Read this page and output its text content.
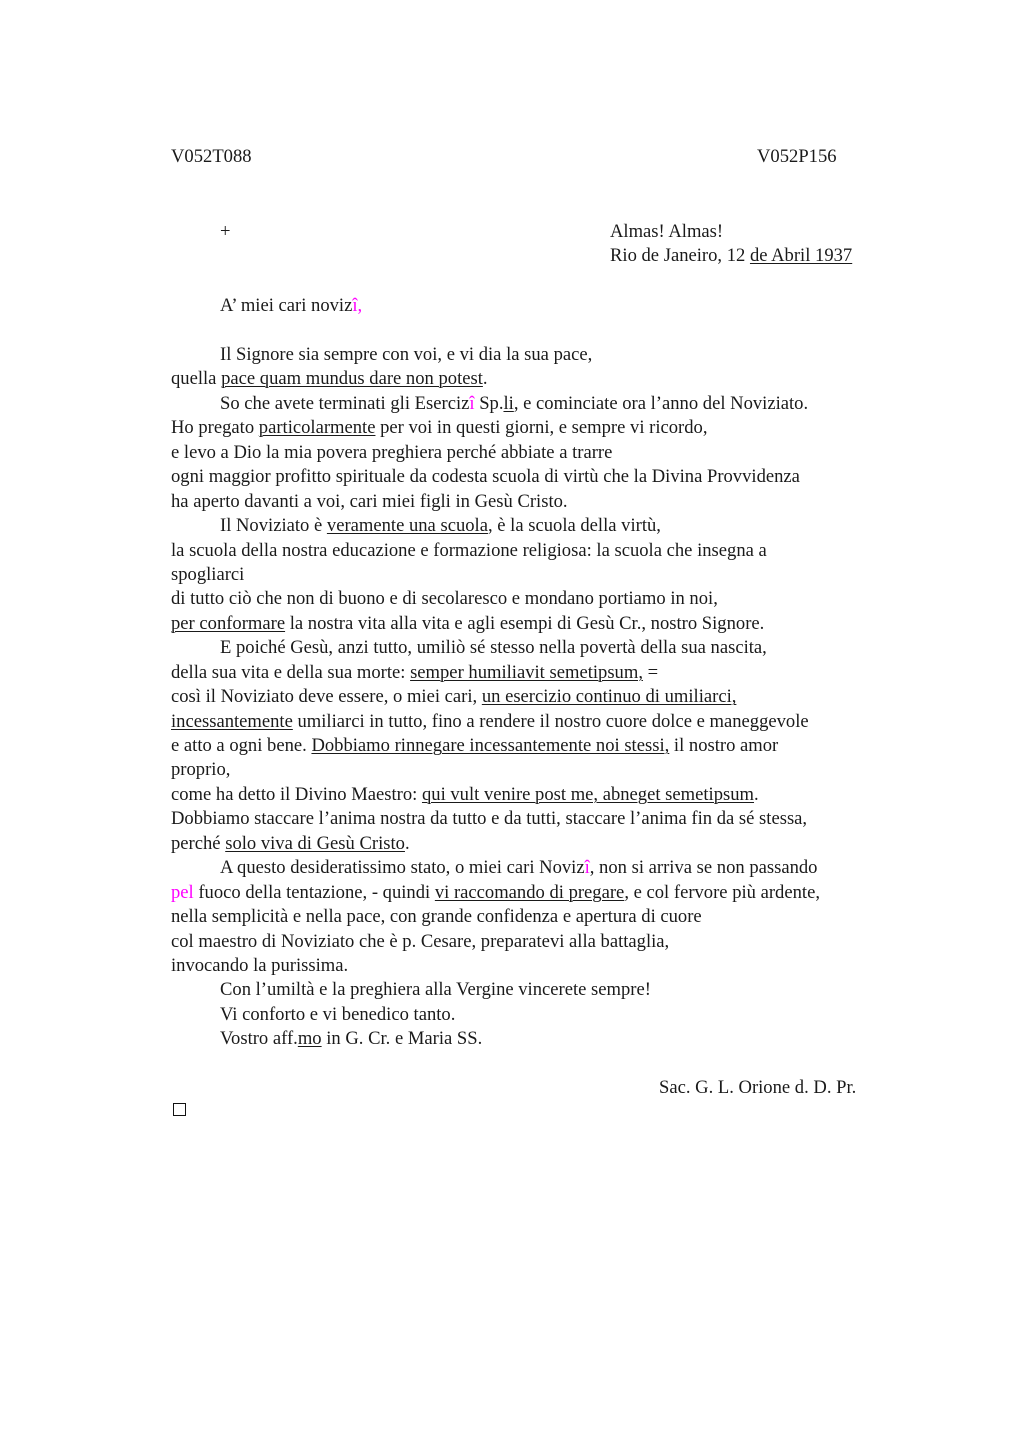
V052T088	V052P156
+	Almas! Almas!
Rio de Janeiro, 12 de Abril 1937
A’ miei cari novizî,
Il Signore sia sempre con voi, e vi dia la sua pace,
quella pace quam mundus dare non potest.
So che avete terminati gli Esercizî Sp.li, e cominciate ora l’anno del Noviziato.
Ho pregato particolarmente per voi in questi giorni, e sempre vi ricordo,
e levo a Dio la mia povera preghiera perché abbiate a trarre
ogni maggior profitto spirituale da codesta scuola di virtù che la Divina Provvidenza
ha aperto davanti a voi, cari miei figli in Gesù Cristo.
Il Noviziato è veramente una scuola, è la scuola della virtù,
la scuola della nostra educazione e formazione religiosa: la scuola che insegna a
spogliarci
di tutto ciò che non di buono e di secolaresco e mondano portiamo in noi,
per conformare la nostra vita alla vita e agli esempi di Gesù Cr., nostro Signore.
E poiché Gesù, anzi tutto, umiliò sé stesso nella povertà della sua nascita,
della sua vita e della sua morte: semper humiliavit semetipsum, =
così il Noviziato deve essere, o miei cari, un esercizio continuo di umiliarci,
incessantemente umiliarci in tutto, fino a rendere il nostro cuore dolce e maneggevole
e atto a ogni bene. Dobbiamo rinnegare incessantemente noi stessi, il nostro amor
proprio,
come ha detto il Divino Maestro: qui vult venire post me, abneget semetipsum.
Dobbiamo staccare l’anima nostra da tutto e da tutti, staccare l’anima fin da sé stessa,
perché solo viva di Gesù Cristo.
A questo desideratissimo stato, o miei cari Novizî, non si arriva se non passando
pel fuoco della tentazione, - quindi vi raccomando di pregare, e col fervore più ardente,
nella semplicità e nella pace, con grande confidenza e apertura di cuore
col maestro di Noviziato che è p. Cesare, preparatevi alla battaglia,
invocando la purissima.
Con l’umiltà e la preghiera alla Vergine vincerete sempre!
Vi conforto e vi benedico tanto.
Vostro aff.mo in G. Cr. e Maria SS.
Sac. G. L. Orione d. D. Pr.
